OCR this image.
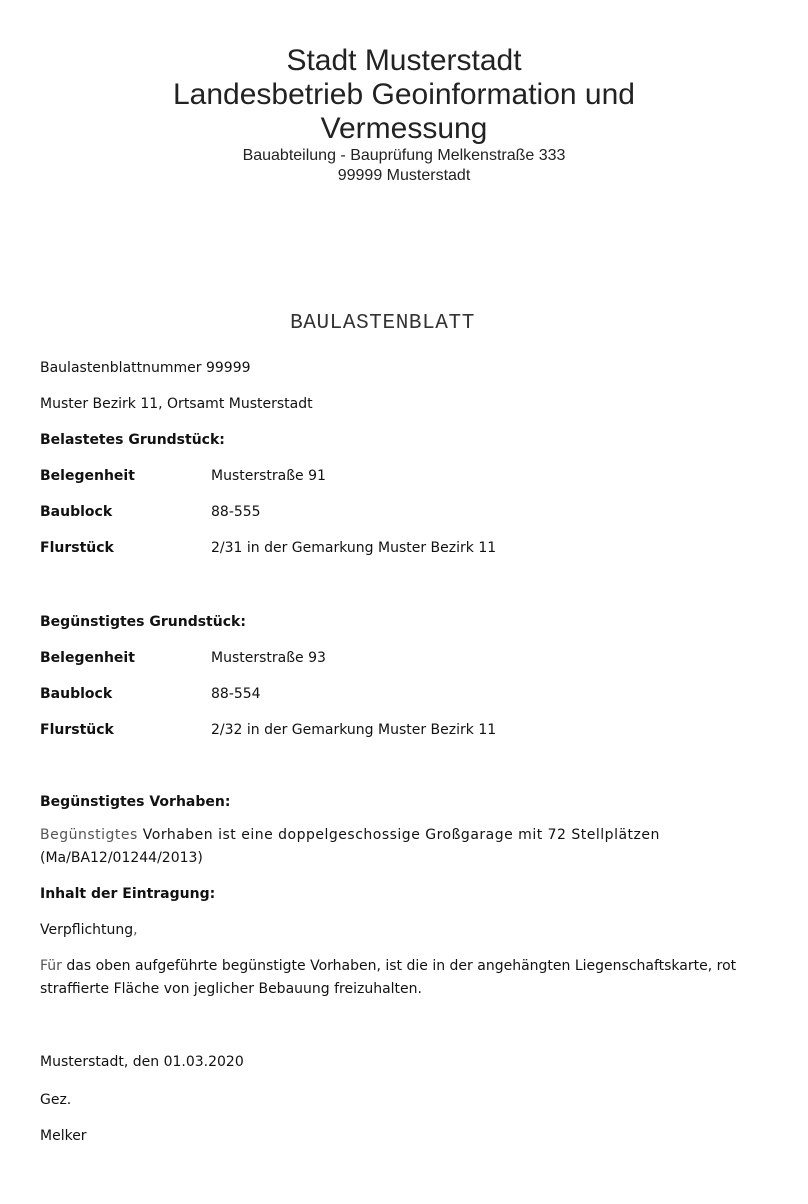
Stadt Musterstadt
Landesbetrieb Geoinformation und
Vermessung
Bauabteilung - Bauprüfung Melkenstraße 333
99999 Musterstadt
BAULASTENBLATT
Baulastenblattnummer 99999
Muster Bezirk 11, Ortsamt Musterstadt
Belastetes Grundstück:
Belegenheit	Musterstraße 91
Baublock	88-555
Flurstück	2/31 in der Gemarkung Muster Bezirk 11
Begünstigtes Grundstück:
Belegenheit	Musterstraße 93
Baublock	88-554
Flurstück	2/32 in der Gemarkung Muster Bezirk 11
Begünstigtes Vorhaben:
Begünstigtes Vorhaben ist eine doppelgeschossige Großgarage mit 72 Stellplätzen
(Ma/BA12/01244/2013)
Inhalt der Eintragung:
Verpflichtung,
Für das oben aufgeführte begünstigte Vorhaben, ist die in der angehängten Liegenschaftskarte, rot straffierte Fläche von jeglicher Bebauung freizuhalten.
Musterstadt, den 01.03.2020
Gez.
Melker
